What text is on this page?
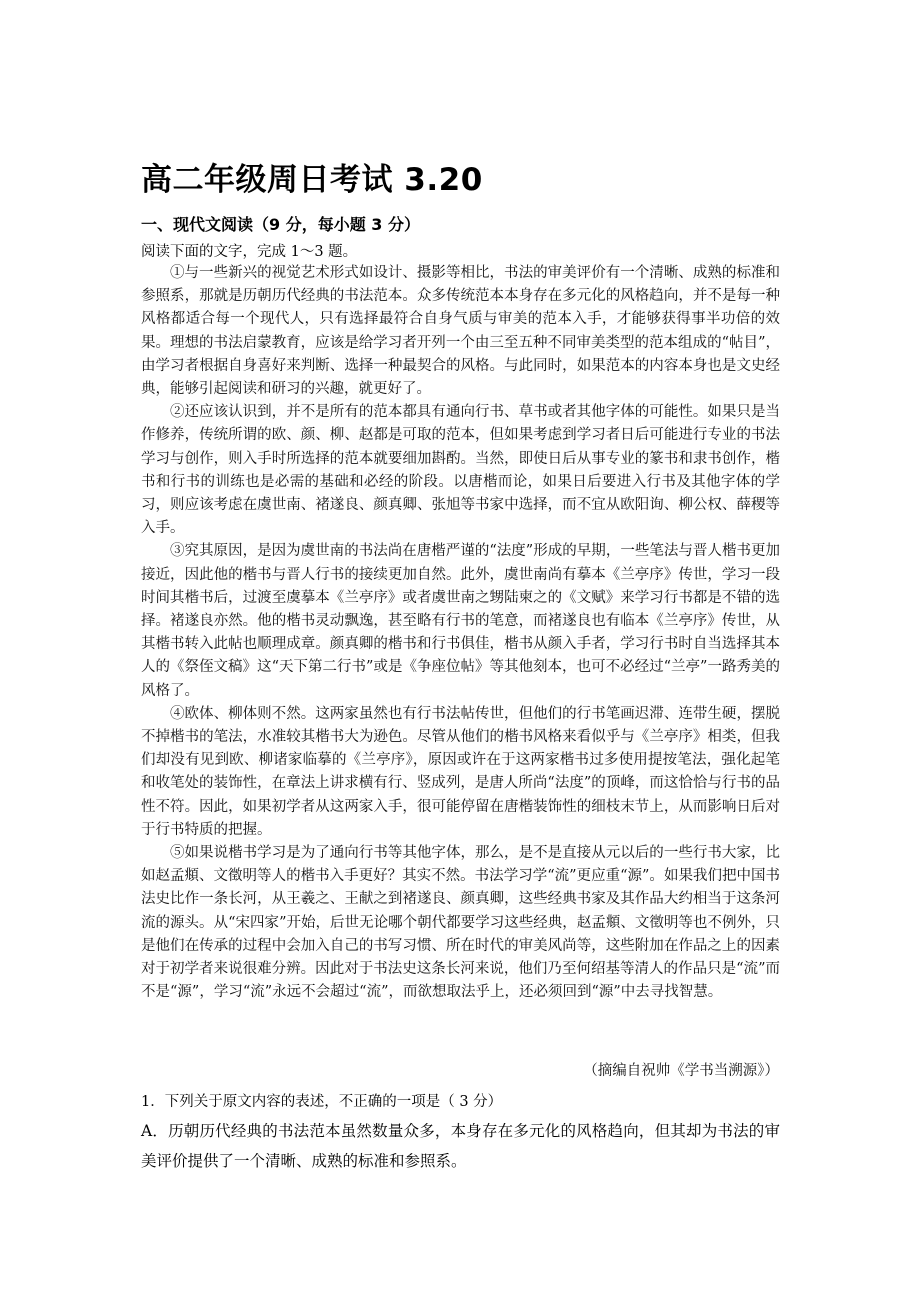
高二年级周日考试 3.20
一、现代文阅读（9 分，每小题 3 分）
阅读下面的文字，完成 1～3 题。

①与一些新兴的视觉艺术形式如设计、摄影等相比，书法的审美评价有一个清晰、成熟的标准和参照系，那就是历朝历代经典的书法范本。众多传统范本本身存在多元化的风格趋向，并不是每一种风格都适合每一个现代人，只有选择最符合自身气质与审美的范本入手，才能够获得事半功倍的效果。理想的书法启蒙教育，应该是给学习者开列一个由三至五种不同审美类型的范本组成的“帖目”，由学习者根据自身喜好来判断、选择一种最契合的风格。与此同时，如果范本的内容本身也是文史经典，能够引起阅读和研习的兴趣，就更好了。

②还应该认识到，并不是所有的范本都具有通向行书、草书或者其他字体的可能性。如果只是当作修养，传统所谓的欧、颜、柳、赵都是可取的范本，但如果考虑到学习者日后可能进行专业的书法学习与创作，则入手时所选择的范本就要细加斟酌。当然，即使日后从事专业的篆书和隶书创作，楷书和行书的训练也是必需的基础和必经的阶段。以唐楷而论，如果日后要进入行书及其他字体的学习，则应该考虑在虞世南、褚遂良、颜真卿、张旭等书家中选择，而不宜从欧阳询、柳公权、薛稷等入手。

③究其原因，是因为虞世南的书法尚在唐楷严谨的“法度”形成的早期，一些笔法与晋人楷书更加接近，因此他的楷书与晋人行书的接续更加自然。此外，虞世南尚有摹本《兰亭序》传世，学习一段时间其楷书后，过渡至虞摹本《兰亭序》或者虞世南之甥陆柬之的《文赋》来学习行书都是不错的选择。褚遂良亦然。他的楷书灵动飘逸，甚至略有行书的笔意，而褚遂良也有临本《兰亭序》传世，从其楷书转入此帖也顺理成章。颜真卿的楷书和行书俱佳，楷书从颜入手者，学习行书时自当选择其本人的《祭侄文稿》这“天下第二行书”或是《争座位帖》等其他刻本，也可不必经过“兰亭”一路秀美的风格了。

④欧体、柳体则不然。这两家虽然也有行书法帖传世，但他们的行书笔画迟滞、连带生硬，摆脱不掉楷书的笔法，水准较其楷书大为逊色。尽管从他们的楷书风格来看似乎与《兰亭序》相类，但我们却没有见到欧、柳诸家临摹的《兰亭序》，原因或许在于这两家楷书过多使用提按笔法，强化起笔和收笔处的装饰性，在章法上讲求横有行、竖成列，是唐人所尚“法度”的顶峰，而这恰恰与行书的品性不符。因此，如果初学者从这两家入手，很可能停留在唐楷装饰性的细枝末节上，从而影响日后对于行书特质的把握。

⑤如果说楷书学习是为了通向行书等其他字体，那么，是不是直接从元以后的一些行书大家，比如赵孟頫、文徵明等人的楷书入手更好？其实不然。书法学习学“流”更应重“源”。如果我们把中国书法史比作一条长河，从王羲之、王献之到褚遂良、颜真卿，这些经典书家及其作品大约相当于这条河流的源头。从“宋四家”开始，后世无论哪个朝代都要学习这些经典，赵孟頫、文徵明等也不例外，只是他们在传承的过程中会加入自己的书写习惯、所在时代的审美风尚等，这些附加在作品之上的因素对于初学者来说很难分辨。因此对于书法史这条长河来说，他们乃至何绍基等清人的作品只是“流”而不是“源”，学习“流”永远不会超过“流”，而欲想取法乎上，还必须回到“源”中去寻找智慧。

（摘编自祝帅《学书当溯源》）
1．下列关于原文内容的表述，不正确的一项是（ 3 分）
A．历朝历代经典的书法范本虽然数量众多，本身存在多元化的风格趋向，但其却为书法的审美评价提供了一个清晰、成熟的标准和参照系。
